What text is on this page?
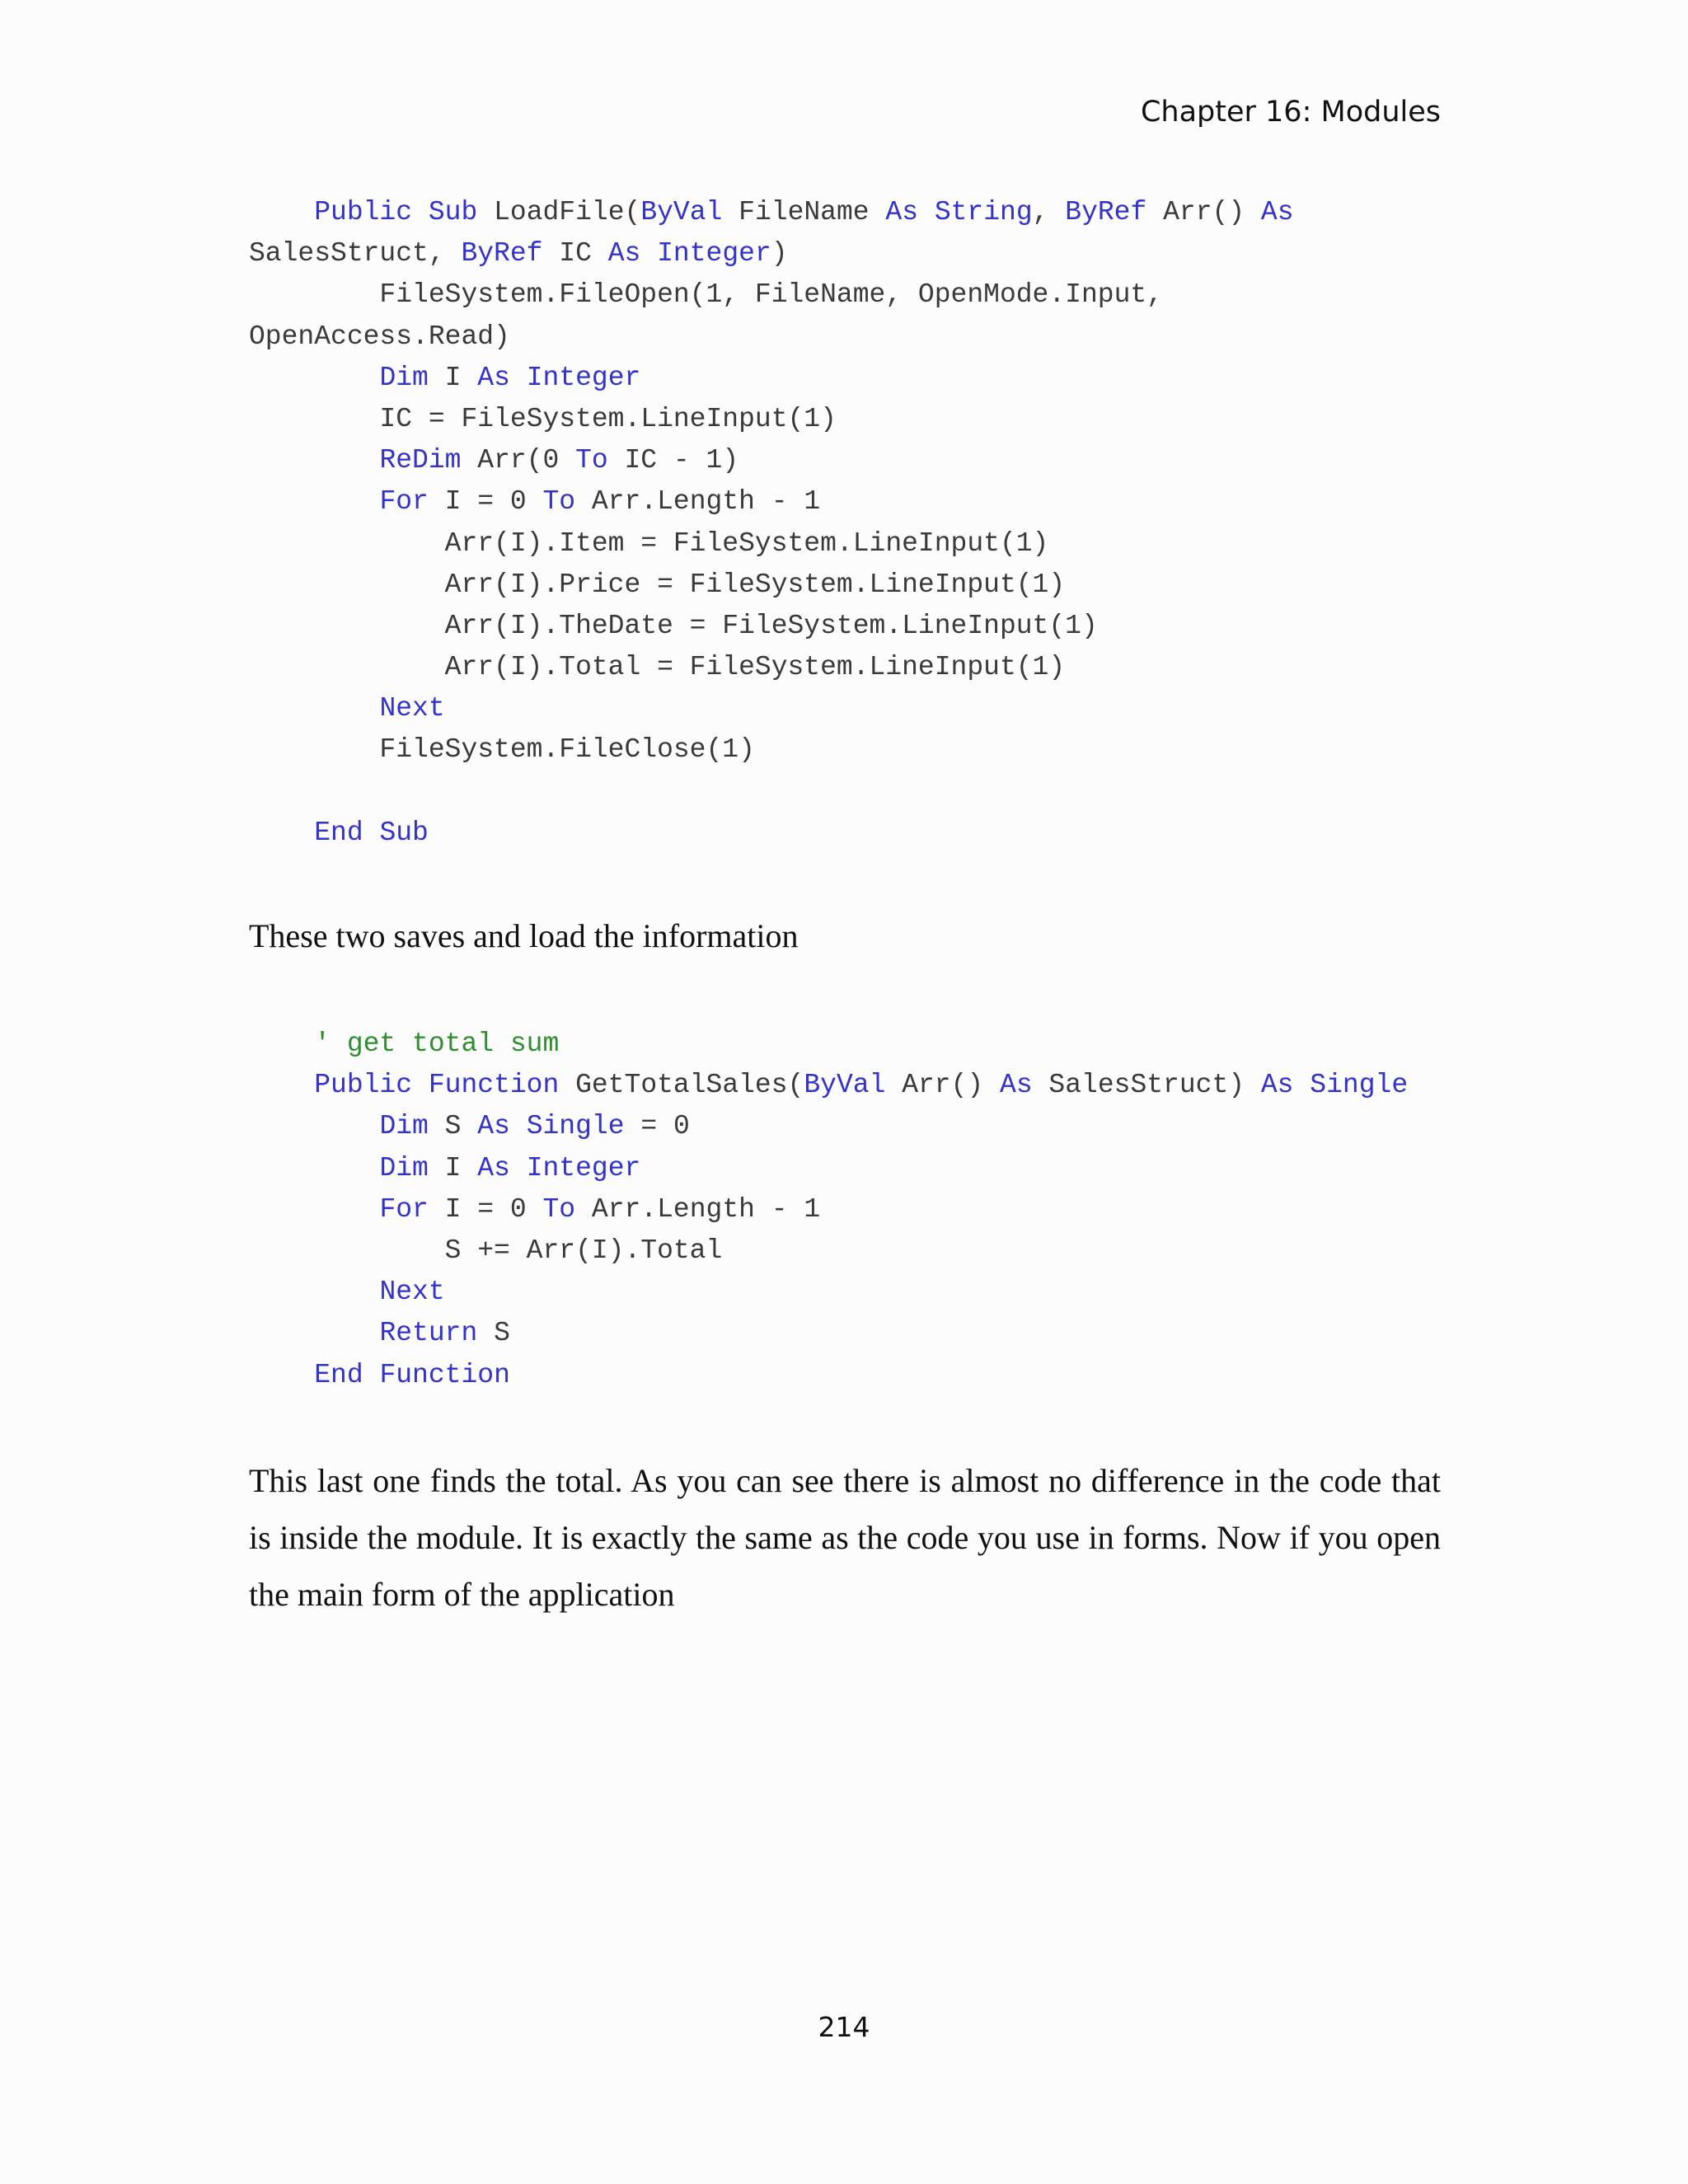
Chapter 16: Modules
Public Sub LoadFile(ByVal FileName As String, ByRef Arr() As
SalesStruct, ByRef IC As Integer)
FileSystem.FileOpen(1, FileName, OpenMode.Input,
OpenAccess.Read)
Dim I As Integer
IC = FileSystem.LineInput(1)
ReDim Arr(0 To IC - 1)
For I = 0 To Arr.Length - 1
Arr(I).Item = FileSystem.LineInput(1)
Arr(I).Price = FileSystem.LineInput(1)
Arr(I).TheDate = FileSystem.LineInput(1)
Arr(I).Total = FileSystem.LineInput(1)
Next
FileSystem.FileClose(1)
End Sub

These two saves and load the information

' get total sum
Public Function GetTotalSales(ByVal Arr() As SalesStruct) As Single
Dim S As Single = 0
Dim I As Integer
For I = 0 To Arr.Length - 1
S += Arr(I).Total
Next
Return S
End Function

This last one finds the total. As you can see there is almost no difference in the code that is inside the module. It is exactly the same as the code you use in forms. Now if you open the main form of the application

214
